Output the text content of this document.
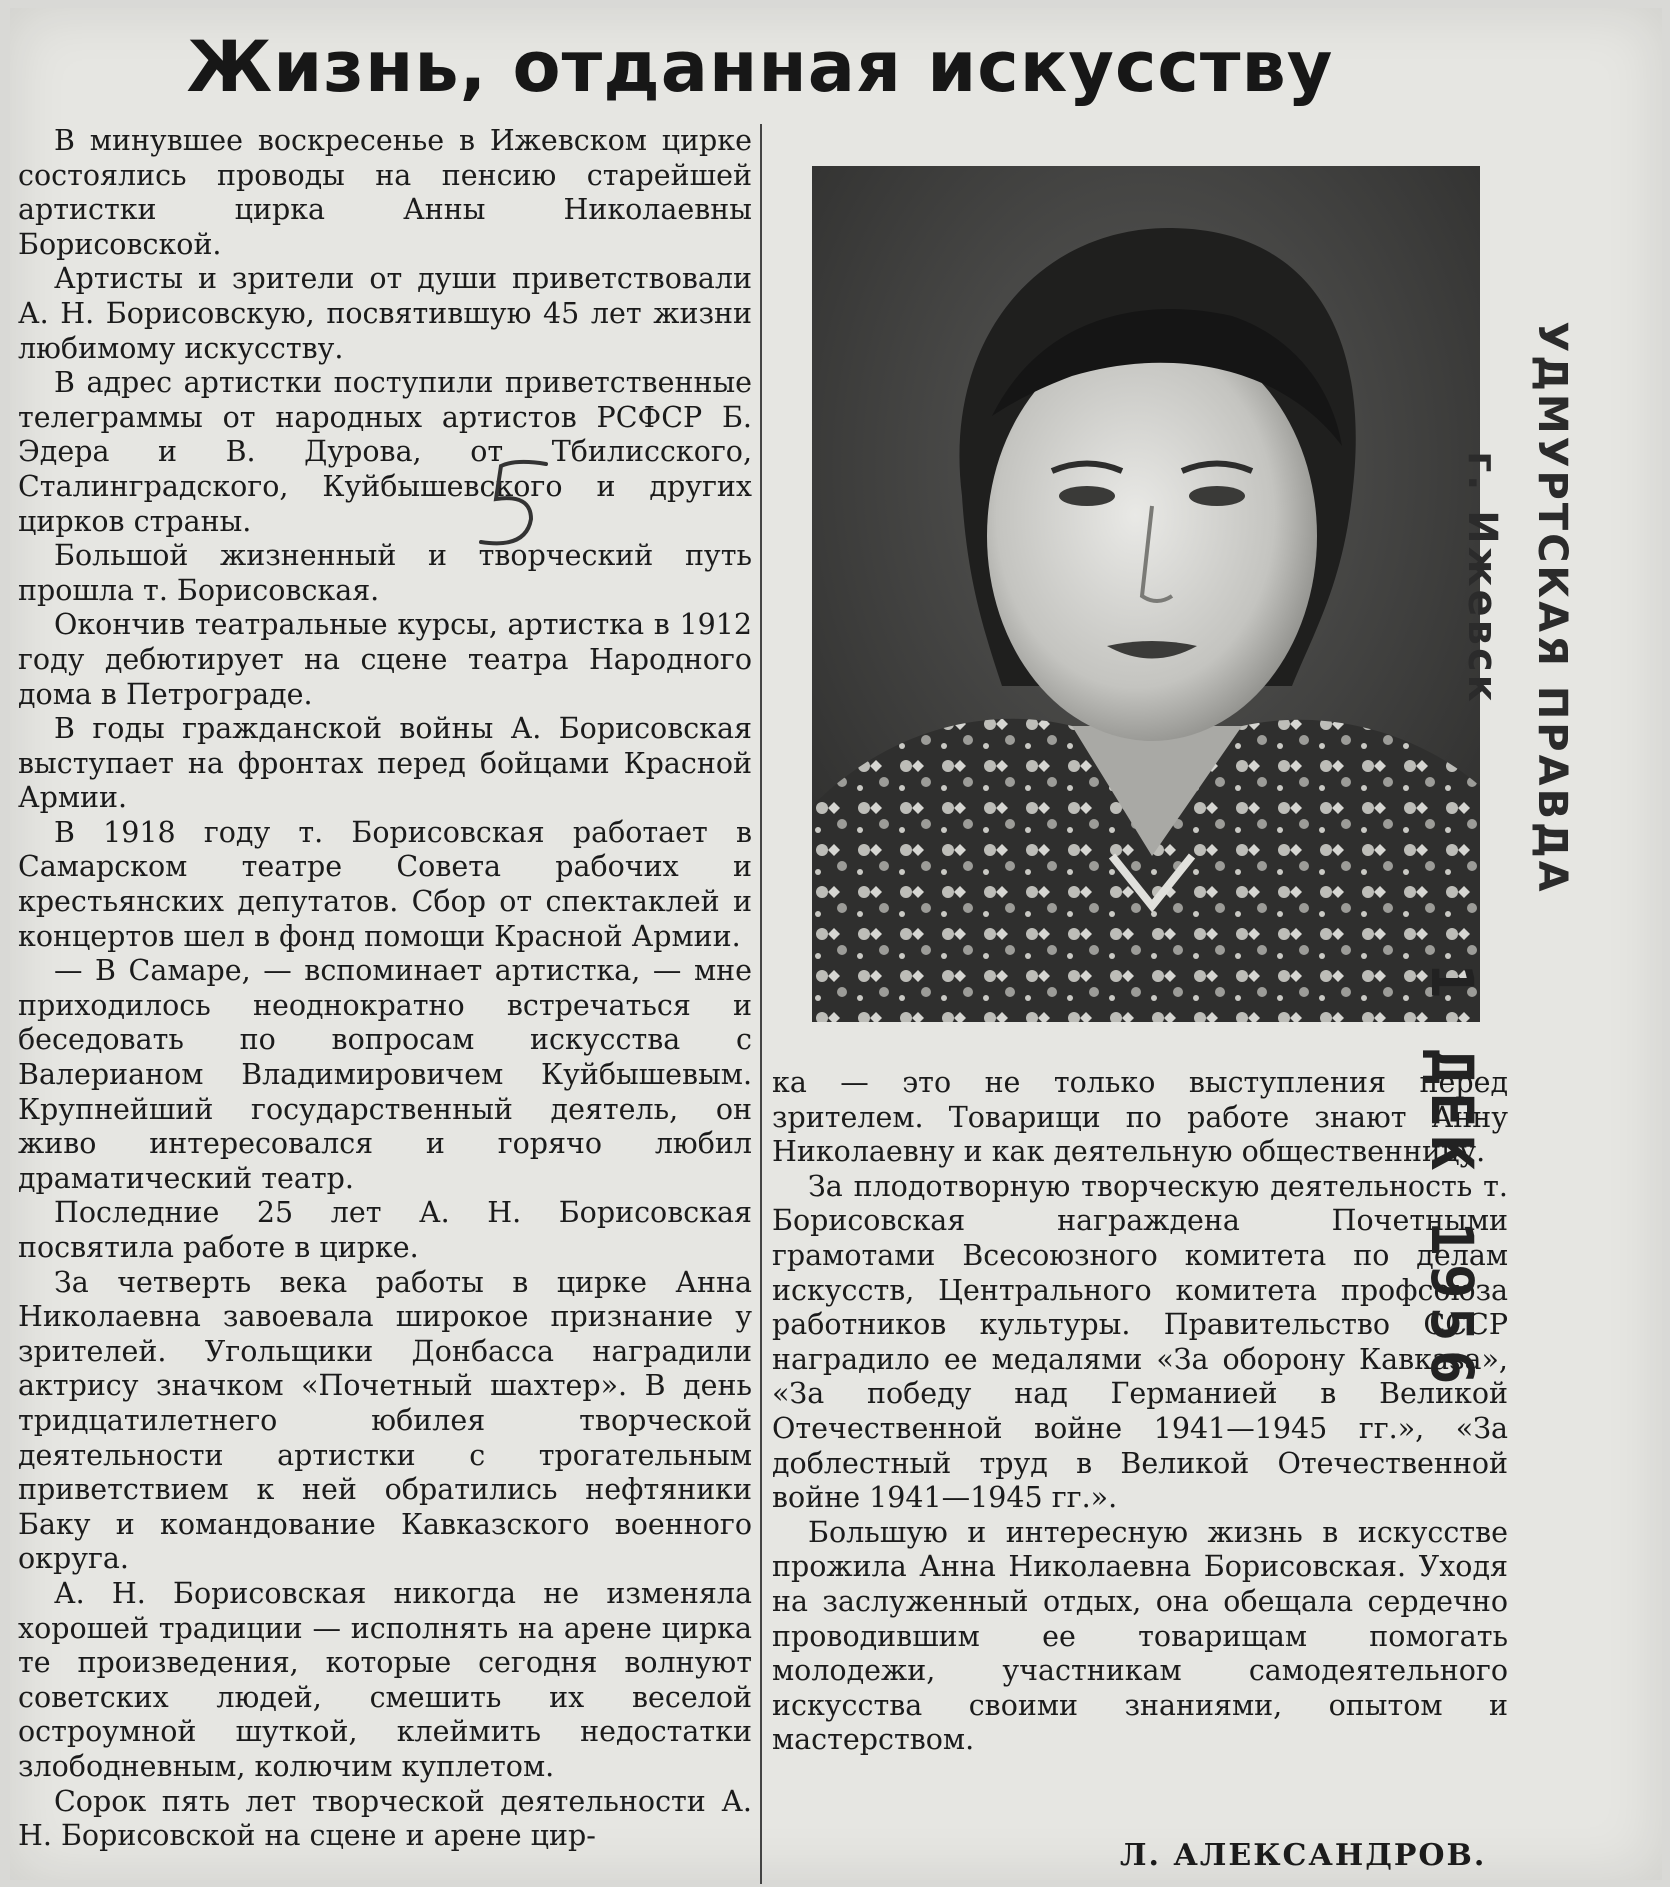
Жизнь, отданная искусству

В минувшее воскресенье в Ижевском цирке состоялись проводы на пенсию старейшей артистки цирка Анны Николаевны Борисовской.

Артисты и зрители от души приветствовали А. Н. Борисовскую, посвятившую 45 лет жизни любимому искусству.

В адрес артистки поступили приветственные телеграммы от народных артистов РСФСР Б. Эдера и В. Дурова, от Тбилисского, Сталинградского, Куйбышевского и других цирков страны.

Большой жизненный и творческий путь прошла т. Борисовская.

Окончив театральные курсы, артистка в 1912 году дебютирует на сцене театра Народного дома в Петрограде.

В годы гражданской войны А. Борисовская выступает на фронтах перед бойцами Красной Армии.

В 1918 году т. Борисовская работает в Самарском театре Совета рабочих и крестьянских депутатов. Сбор от спектаклей и концертов шел в фонд помощи Красной Армии.

— В Самаре, — вспоминает артистка, — мне приходилось неоднократно встречаться и беседовать по вопросам искусства с Валерианом Владимировичем Куйбышевым. Крупнейший государственный деятель, он живо интересовался и горячо любил драматический театр.

Последние 25 лет А. Н. Борисовская посвятила работе в цирке.

За четверть века работы в цирке Анна Николаевна завоевала широкое признание у зрителей. Угольщики Донбасса наградили актрису значком «Почетный шахтер». В день тридцатилетнего юбилея творческой деятельности артистки с трогательным приветствием к ней обратились нефтяники Баку и командование Кавказского военного округа.

А. Н. Борисовская никогда не изменяла хорошей традиции — исполнять на арене цирка те произведения, которые сегодня волнуют советских людей, смешить их веселой остроумной шуткой, клеймить недостатки злободневным, колючим куплетом.

Сорок пять лет творческой деятельности А. Н. Борисовской на сцене и арене цир-

ка — это не только выступления перед зрителем. Товарищи по работе знают Анну Николаевну и как деятельную общественницу.

За плодотворную творческую деятельность т. Борисовская награждена Почетными грамотами Всесоюзного комитета по делам искусств, Центрального комитета профсоюза работников культуры. Правительство СССР наградило ее медалями «За оборону Кавказа», «За победу над Германией в Великой Отечественной войне 1941—1945 гг.», «За доблестный труд в Великой Отечественной войне 1941—1945 гг.».

Большую и интересную жизнь в искусстве прожила Анна Николаевна Борисовская. Уходя на заслуженный отдых, она обещала сердечно проводившим ее товарищам помогать молодежи, участникам самодеятельного искусства своими знаниями, опытом и мастерством.

Л. АЛЕКСАНДРОВ.
УДМУРТСКАЯ ПРАВДА
г. Ижевск
1 ДЕК 1956
